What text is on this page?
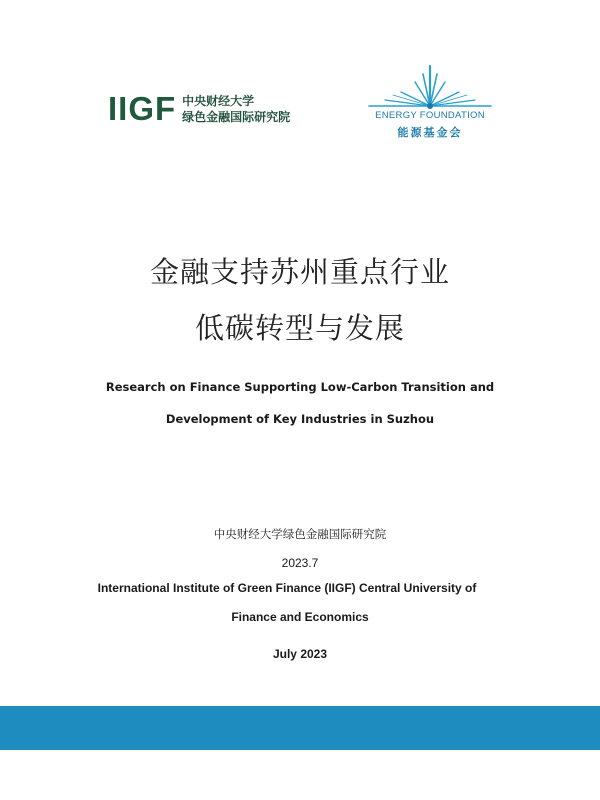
IIGF 中央财经大学
绿色金融国际研究院	ENERGY FOUNDATION
能源基金会
金融支持苏州重点行业
低碳转型与发展
Research on Finance Supporting Low-Carbon Transition and
Development of Key Industries in Suzhou
中央财经大学绿色金融国际研究院
2023.7
International Institute of Green Finance (IIGF) Central University of
Finance and Economics
July 2023
